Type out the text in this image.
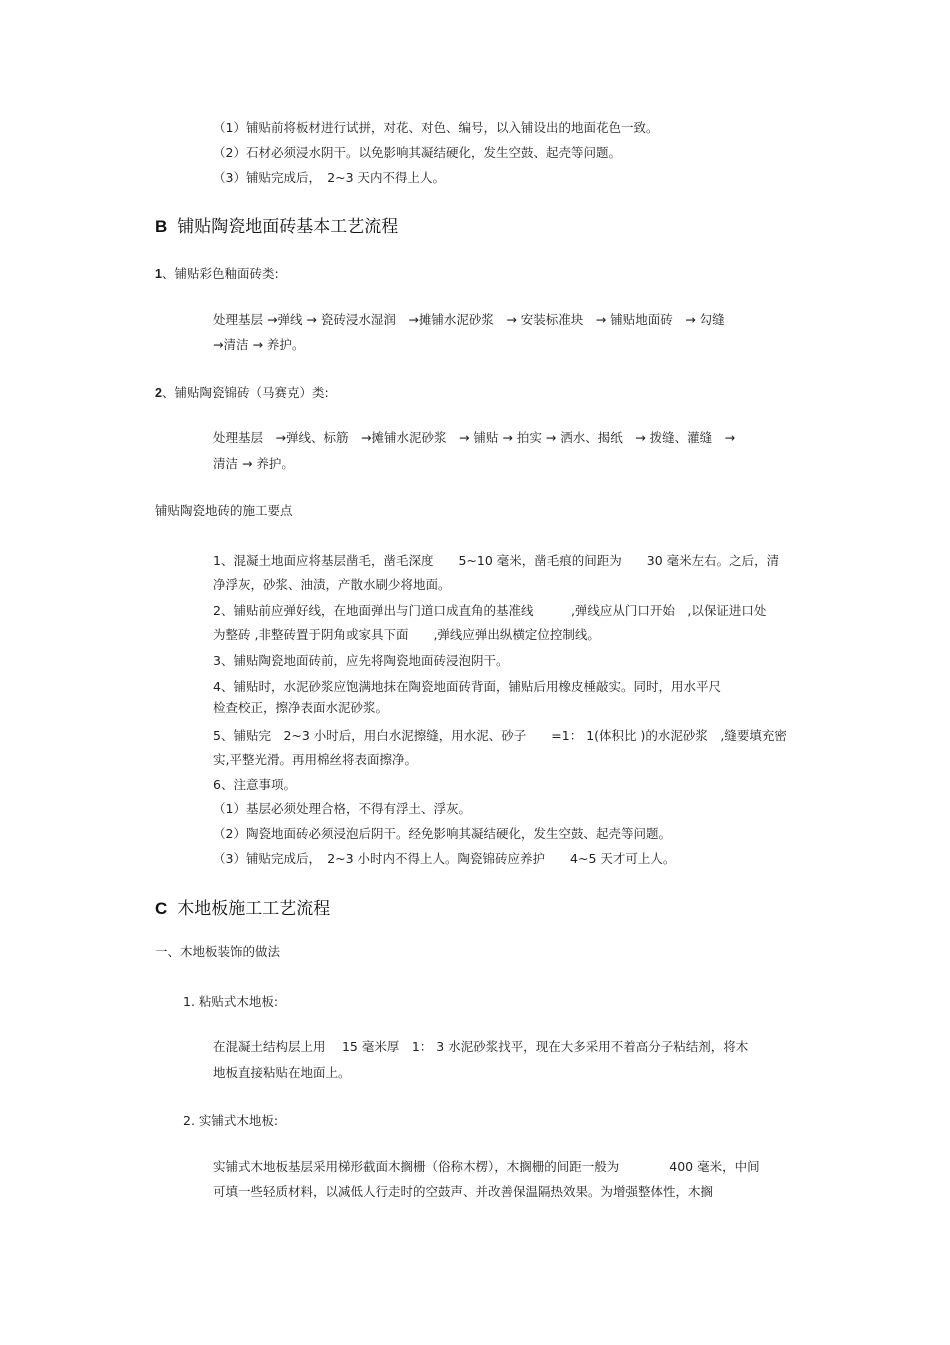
（1）铺贴前将板材进行试拼，对花、对色、编号，以入铺设出的地面花色一致。
（2）石材必须浸水阴干。以免影响其凝结硬化，发生空鼓、起壳等问题。
（3）铺贴完成后，　2~3 天内不得上人。
B 铺贴陶瓷地面砖基本工艺流程
1、铺贴彩色釉面砖类:
处理基层 →弹线 → 瓷砖浸水湿润　→摊铺水泥砂浆　→ 安装标准块　→ 铺贴地面砖　→ 勾缝
→清洁 → 养护。
2、铺贴陶瓷锦砖（马赛克）类:
处理基层　→弹线、标筋　→摊铺水泥砂浆　→ 铺贴 → 拍实 → 洒水、揭纸　→ 拨缝、灌缝　→
清洁 → 养护。
铺贴陶瓷地砖的施工要点
1、混凝土地面应将基层凿毛，凿毛深度　　5~10 毫米，凿毛痕的间距为　　30 毫米左右。之后，清
净浮灰，砂浆、油渍，产散水刷少将地面。
2、铺贴前应弹好线，在地面弹出与门道口成直角的基准线　　　,弹线应从门口开始　,以保证进口处
为整砖 ,非整砖置于阴角或家具下面　　,弹线应弹出纵横定位控制线。
3、铺贴陶瓷地面砖前，应先将陶瓷地面砖浸泡阴干。
4、铺贴时，水泥砂浆应饱满地抹在陶瓷地面砖背面，铺贴后用橡皮棰敲实。同时，用水平尺
检查校正，擦净表面水泥砂浆。
5、铺贴完　2~3 小时后，用白水泥擦缝，用水泥、砂子　　=1： 1(体积比 )的水泥砂浆　,缝要填充密
实,平整光滑。再用棉丝将表面擦净。
6、注意事项。
（1）基层必须处理合格，不得有浮土、浮灰。
（2）陶瓷地面砖必须浸泡后阴干。经免影响其凝结硬化，发生空鼓、起壳等问题。
（3）铺贴完成后，　2~3 小时内不得上人。陶瓷锦砖应养护　　4~5 天才可上人。
C 木地板施工工艺流程
一、木地板装饰的做法
1. 粘贴式木地板:
在混凝土结构层上用　 15 毫米厚　1： 3 水泥砂浆找平，现在大多采用不着高分子粘结剂，将木
地板直接粘贴在地面上。
2. 实铺式木地板:
实铺式木地板基层采用梯形截面木搁栅（俗称木楞），木搁栅的间距一般为　　　　400 毫米，中间
可填一些轻质材料，以减低人行走时的空鼓声、并改善保温隔热效果。为增强整体性，木搁
